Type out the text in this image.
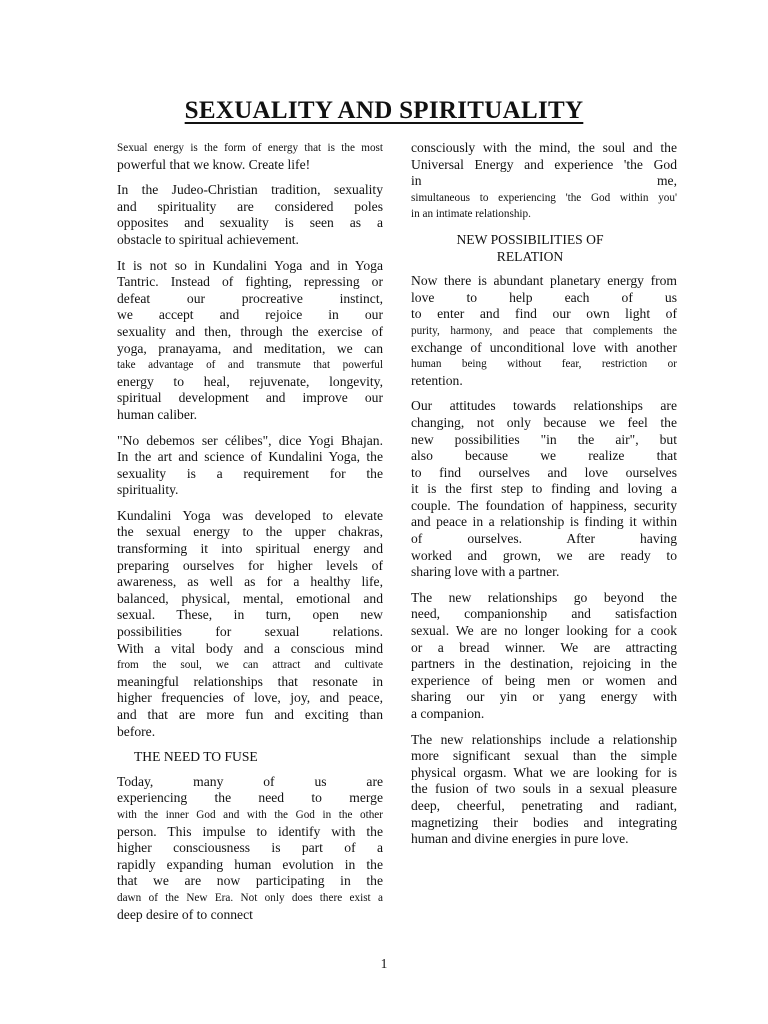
SEXUALITY AND SPIRITUALITY
Sexual energy is the form of energy that is the most
powerful that we know. Create life!
In the Judeo-Christian tradition, sexuality
and spirituality are considered poles
opposites and sexuality is seen as a
obstacle to spiritual achievement.
It is not so in Kundalini Yoga and in Yoga
Tantric. Instead of fighting, repressing or
defeat our procreative instinct,
we accept and rejoice in our
sexuality and then, through the exercise of
yoga, pranayama, and meditation, we can
take advantage of and transmute that powerful
energy to heal, rejuvenate, longevity,
spiritual development and improve our
human caliber.
"No debemos ser célibes", dice Yogi Bhajan.
In the art and science of Kundalini Yoga, the
sexuality is a requirement for the
spirituality.
Kundalini Yoga was developed to elevate
the sexual energy to the upper chakras,
transforming it into spiritual energy and
preparing ourselves for higher levels of
awareness, as well as for a healthy life,
balanced, physical, mental, emotional and
sexual. These, in turn, open new
possibilities for sexual relations.
With a vital body and a conscious mind
from the soul, we can attract and cultivate
meaningful relationships that resonate in
higher frequencies of love, joy, and peace,
and that are more fun and exciting than
before.
THE NEED TO FUSE
Today, many of us are
experiencing the need to merge
with the inner God and with the God in the other
person. This impulse to identify with the
higher consciousness is part of a
rapidly expanding human evolution in the
that we are now participating in the
dawn of the New Era. Not only does there exist a
deep desire of to connect
consciously with the mind, the soul and the
Universal Energy and experience 'the God
in me,
simultaneous to experiencing 'the God within you'
in an intimate relationship.
NEW POSSIBILITIES OF
RELATION
Now there is abundant planetary energy from
love to help each of us
to enter and find our own light of
purity, harmony, and peace that complements the
exchange of unconditional love with another
human being without fear, restriction or
retention.
Our attitudes towards relationships are
changing, not only because we feel the
new possibilities "in the air", but
also because we realize that
to find ourselves and love ourselves
it is the first step to finding and loving a
couple. The foundation of happiness, security
and peace in a relationship is finding it within
of ourselves. After having
worked and grown, we are ready to
sharing love with a partner.
The new relationships go beyond the
need, companionship and satisfaction
sexual. We are no longer looking for a cook
or a bread winner. We are attracting
partners in the destination, rejoicing in the
experience of being men or women and
sharing our yin or yang energy with
a companion.
The new relationships include a relationship
more significant sexual than the simple
physical orgasm. What we are looking for is
the fusion of two souls in a sexual pleasure
deep, cheerful, penetrating and radiant,
magnetizing their bodies and integrating
human and divine energies in pure love.
1
